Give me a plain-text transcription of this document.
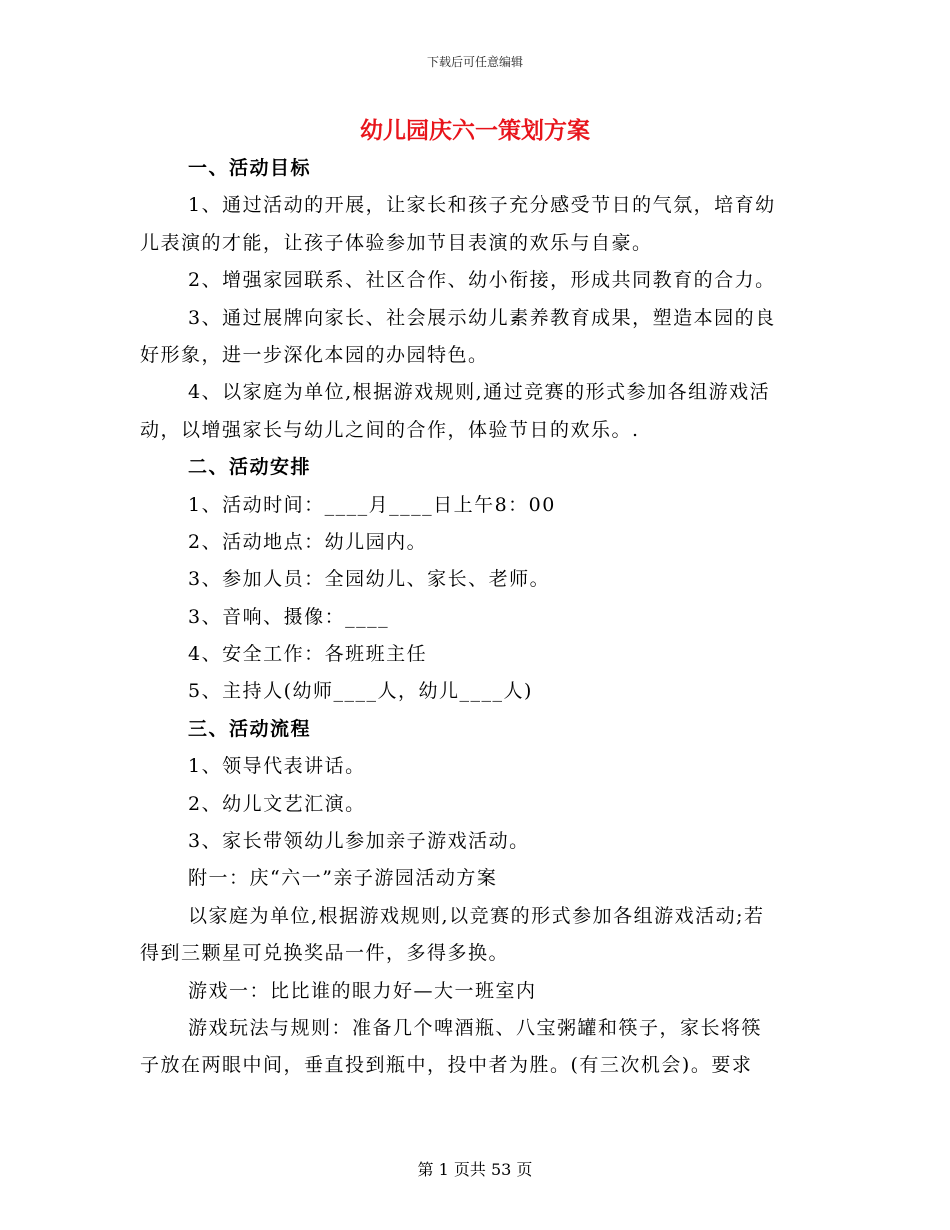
下载后可任意编辑
幼儿园庆六一策划方案
一、活动目标
1、通过活动的开展，让家长和孩子充分感受节日的气氛，培育幼
儿表演的才能，让孩子体验参加节目表演的欢乐与自豪。
2、增强家园联系、社区合作、幼小衔接，形成共同教育的合力。
3、通过展牌向家长、社会展示幼儿素养教育成果，塑造本园的良
好形象，进一步深化本园的办园特色。
4、以家庭为单位,根据游戏规则,通过竞赛的形式参加各组游戏活
动，以增强家长与幼儿之间的合作，体验节日的欢乐。.
二、活动安排
1、活动时间：____月____日上午8：00
2、活动地点：幼儿园内。
3、参加人员：全园幼儿、家长、老师。
3、音响、摄像：____
4、安全工作：各班班主任
5、主持人(幼师____人，幼儿____人)
三、活动流程
1、领导代表讲话。
2、幼儿文艺汇演。
3、家长带领幼儿参加亲子游戏活动。
附一：庆“六一”亲子游园活动方案
以家庭为单位,根据游戏规则,以竞赛的形式参加各组游戏活动;若
得到三颗星可兑换奖品一件，多得多换。
游戏一：比比谁的眼力好—大一班室内
游戏玩法与规则：准备几个啤酒瓶、八宝粥罐和筷子，家长将筷
子放在两眼中间，垂直投到瓶中，投中者为胜。(有三次机会)。要求
第 1 页共 53 页
